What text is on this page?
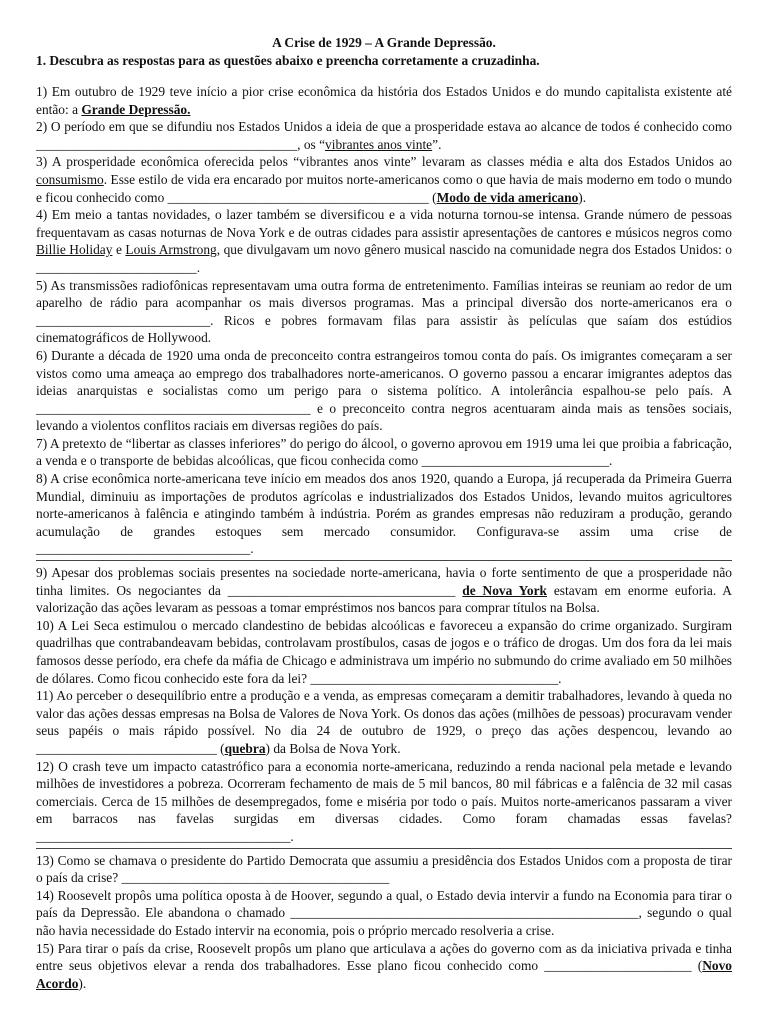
A Crise de 1929 – A Grande Depressão.

1. Descubra as respostas para as questões abaixo e preencha corretamente a cruzadinha.

1) Em outubro de 1929 teve início a pior crise econômica da história dos Estados Unidos e do mundo capitalista existente até então: a Grande Depressão.

2) O período em que se difundiu nos Estados Unidos a ideia de que a prosperidade estava ao alcance de todos é conhecido como _______________________________________, os “vibrantes anos vinte”.

3) A prosperidade econômica oferecida pelos “vibrantes anos vinte” levaram as classes média e alta dos Estados Unidos ao consumismo. Esse estilo de vida era encarado por muitos norte-americanos como o que havia de mais moderno em todo o mundo e ficou conhecido como _______________________________________ (Modo de vida americano).

4) Em meio a tantas novidades, o lazer também se diversificou e a vida noturna tornou-se intensa. Grande número de pessoas frequentavam as casas noturnas de Nova York e de outras cidades para assistir apresentações de cantores e músicos negros como Billie Holiday e Louis Armstrong, que divulgavam um novo gênero musical nascido na comunidade negra dos Estados Unidos: o ________________________.

5) As transmissões radiofônicas representavam uma outra forma de entretenimento. Famílias inteiras se reuniam ao redor de um aparelho de rádio para acompanhar os mais diversos programas. Mas a principal diversão dos norte-americanos era o __________________________. Ricos e pobres formavam filas para assistir às películas que saíam dos estúdios cinematográficos de Hollywood.

6) Durante a década de 1920 uma onda de preconceito contra estrangeiros tomou conta do país. Os imigrantes começaram a ser vistos como uma ameaça ao emprego dos trabalhadores norte-americanos. O governo passou a encarar imigrantes adeptos das ideias anarquistas e socialistas como um perigo para o sistema político. A intolerância espalhou-se pelo país. A _________________________________________ e o preconceito contra negros acentuaram ainda mais as tensões sociais, levando a violentos conflitos raciais em diversas regiões do país.

7) A pretexto de “libertar as classes inferiores” do perigo do álcool, o governo aprovou em 1919 uma lei que proibia a fabricação, a venda e o transporte de bebidas alcoólicas, que ficou conhecida como ____________________________.

8) A crise econômica norte-americana teve início em meados dos anos 1920, quando a Europa, já recuperada da Primeira Guerra Mundial, diminuiu as importações de produtos agrícolas e industrializados dos Estados Unidos, levando muitos agricultores norte-americanos à falência e atingindo também à indústria. Porém as grandes empresas não reduziram a produção, gerando acumulação de grandes estoques sem mercado consumidor. Configurava-se assim uma crise de ________________________________.

9) Apesar dos problemas sociais presentes na sociedade norte-americana, havia o forte sentimento de que a prosperidade não tinha limites. Os negociantes da __________________________________ de Nova York estavam em enorme euforia. A valorização das ações levaram as pessoas a tomar empréstimos nos bancos para comprar títulos na Bolsa.

10) A Lei Seca estimulou o mercado clandestino de bebidas alcoólicas e favoreceu a expansão do crime organizado. Surgiram quadrilhas que contrabandeavam bebidas, controlavam prostíbulos, casas de jogos e o tráfico de drogas. Um dos fora da lei mais famosos desse período, era chefe da máfia de Chicago e administrava um império no submundo do crime avaliado em 50 milhões de dólares. Como ficou conhecido este fora da lei? _____________________________________.

11) Ao perceber o desequilíbrio entre a produção e a venda, as empresas começaram a demitir trabalhadores, levando à queda no valor das ações dessas empresas na Bolsa de Valores de Nova York. Os donos das ações (milhões de pessoas) procuravam vender seus papéis o mais rápido possível. No dia 24 de outubro de 1929, o preço das ações despencou, levando ao ___________________________ (quebra) da Bolsa de Nova York.

12) O crash teve um impacto catastrófico para a economia norte-americana, reduzindo a renda nacional pela metade e levando milhões de investidores a pobreza. Ocorreram fechamento de mais de 5 mil bancos, 80 mil fábricas e a falência de 32 mil casas comerciais. Cerca de 15 milhões de desempregados, fome e miséria por todo o país. Muitos norte-americanos passaram a viver em barracos nas favelas surgidas em diversas cidades. Como foram chamadas essas favelas? ______________________________________.

13) Como se chamava o presidente do Partido Democrata que assumiu a presidência dos Estados Unidos com a proposta de tirar o país da crise? ________________________________________

14) Roosevelt propôs uma política oposta à de Hoover, segundo a qual, o Estado devia intervir a fundo na Economia para tirar o país da Depressão. Ele abandona o chamado ____________________________________________________, segundo o qual não havia necessidade do Estado intervir na economia, pois o próprio mercado resolveria a crise.

15) Para tirar o país da crise, Roosevelt propôs um plano que articulava a ações do governo com as da iniciativa privada e tinha entre seus objetivos elevar a renda dos trabalhadores. Esse plano ficou conhecido como ______________________ (Novo Acordo).
